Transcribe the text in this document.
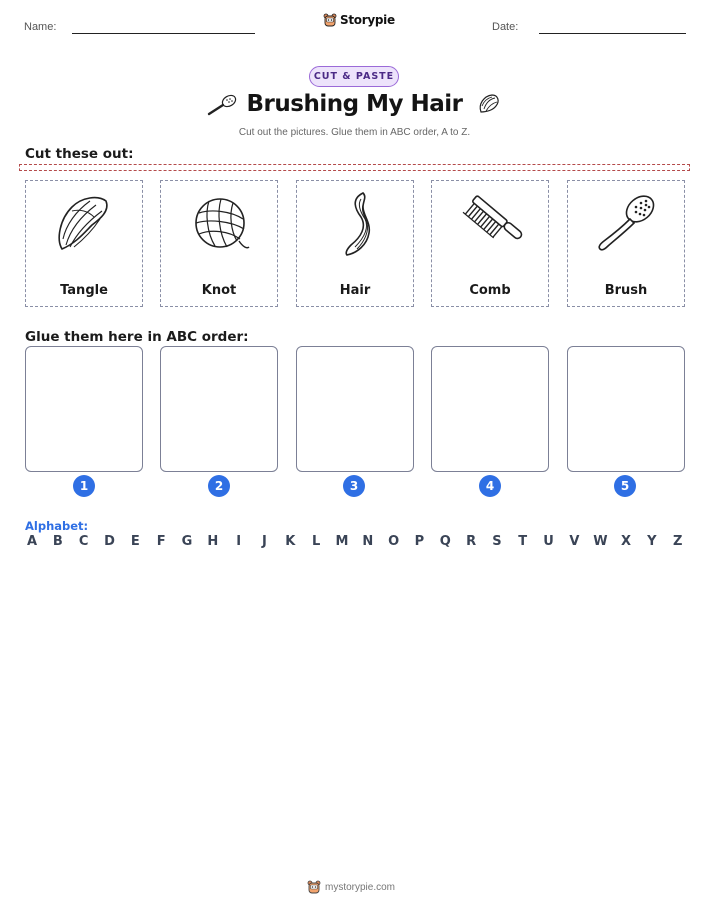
Name:	Storypie	Date:
CUT & PASTE
Brushing My Hair
Cut out the pictures. Glue them in ABC order, A to Z.
Cut these out:
Tangle	Knot	Hair	Comb	Brush
Glue them here in ABC order:
1	2	3	4	5
Alphabet:
A B C D E F G H	I	J	K L M N O P Q R S T U V W X Y Z
mystorypie.com
